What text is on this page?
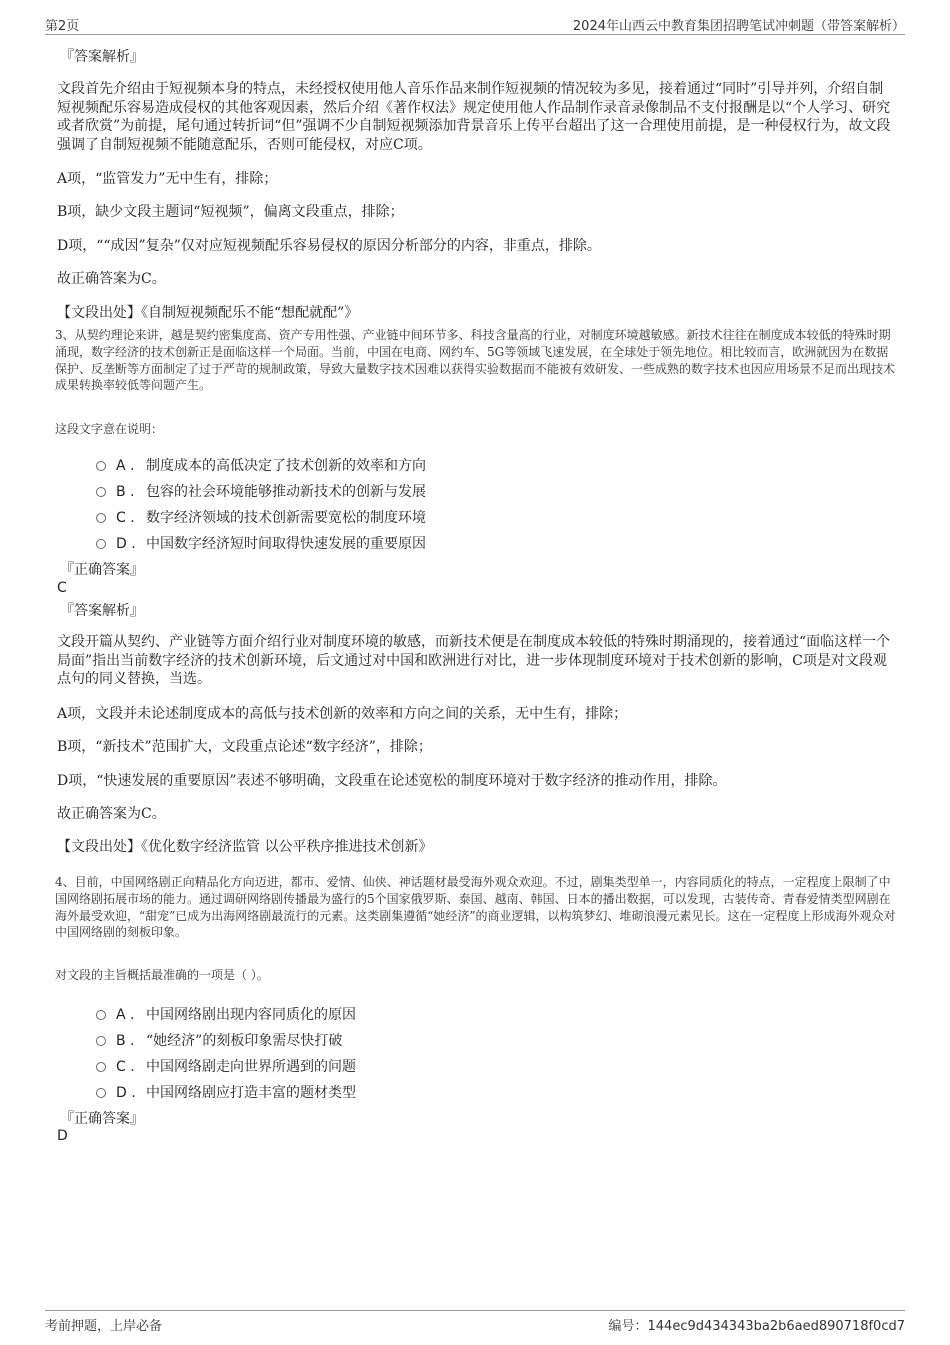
第2页	2024年山西云中教育集团招聘笔试冲刺题（带答案解析）
『答案解析』
文段首先介绍由于短视频本身的特点，未经授权使用他人音乐作品来制作短视频的情况较为多见，接着通过“同时”引导并列，介绍自制短视频配乐容易造成侵权的其他客观因素，然后介绍《著作权法》规定使用他人作品制作录音录像制品不支付报酬是以“个人学习、研究或者欣赏”为前提，尾句通过转折词“但”强调不少自制短视频添加背景音乐上传平台超出了这一合理使用前提，是一种侵权行为，故文段强调了自制短视频不能随意配乐，否则可能侵权，对应C项。
A项，“监管发力”无中生有，排除；
B项，缺少文段主题词“短视频”，偏离文段重点，排除；
D项，““成因”复杂”仅对应短视频配乐容易侵权的原因分析部分的内容，非重点，排除。
故正确答案为C。
【文段出处】《自制短视频配乐不能“想配就配”》
3、从契约理论来讲，越是契约密集度高、资产专用性强、产业链中间环节多、科技含量高的行业，对制度环境越敏感。新技术往往在制度成本较低的特殊时期涌现，数字经济的技术创新正是面临这样一个局面。当前，中国在电商、网约车、5G等领域飞速发展，在全球处于领先地位。相比较而言，欧洲就因为在数据保护、反垄断等方面制定了过于严苛的规制政策，导致大量数字技术因难以获得实验数据而不能被有效研发、一些成熟的数字技术也因应用场景不足而出现技术成果转换率较低等问题产生。
这段文字意在说明：
A . 制度成本的高低决定了技术创新的效率和方向
B . 包容的社会环境能够推动新技术的创新与发展
C . 数字经济领域的技术创新需要宽松的制度环境
D . 中国数字经济短时间取得快速发展的重要原因
『正确答案』
C
『答案解析』
文段开篇从契约、产业链等方面介绍行业对制度环境的敏感，而新技术便是在制度成本较低的特殊时期涌现的，接着通过“面临这样一个局面”指出当前数字经济的技术创新环境，后文通过对中国和欧洲进行对比，进一步体现制度环境对于技术创新的影响，C项是对文段观点句的同义替换，当选。
A项，文段并未论述制度成本的高低与技术创新的效率和方向之间的关系，无中生有，排除；
B项，“新技术”范围扩大，文段重点论述“数字经济”，排除；
D项，“快速发展的重要原因”表述不够明确，文段重在论述宽松的制度环境对于数字经济的推动作用，排除。
故正确答案为C。
【文段出处】《优化数字经济监管 以公平秩序推进技术创新》
4、目前，中国网络剧正向精品化方向迈进，都市、爱情、仙侠、神话题材最受海外观众欢迎。不过，剧集类型单一，内容同质化的特点，一定程度上限制了中国网络剧拓展市场的能力。通过调研网络剧传播最为盛行的5个国家俄罗斯、泰国、越南、韩国、日本的播出数据，可以发现，古装传奇、青春爱情类型网剧在海外最受欢迎，“甜宠”已成为出海网络剧最流行的元素。这类剧集遵循“她经济”的商业逻辑，以构筑梦幻、堆砌浪漫元素见长。这在一定程度上形成海外观众对中国网络剧的刻板印象。
对文段的主旨概括最准确的一项是（ ）。
A . 中国网络剧出现内容同质化的原因
B . “她经济”的刻板印象需尽快打破
C . 中国网络剧走向世界所遇到的问题
D . 中国网络剧应打造丰富的题材类型
『正确答案』
D
考前押题，上岸必备	编号：144ec9d434343ba2b6aed890718f0cd7
